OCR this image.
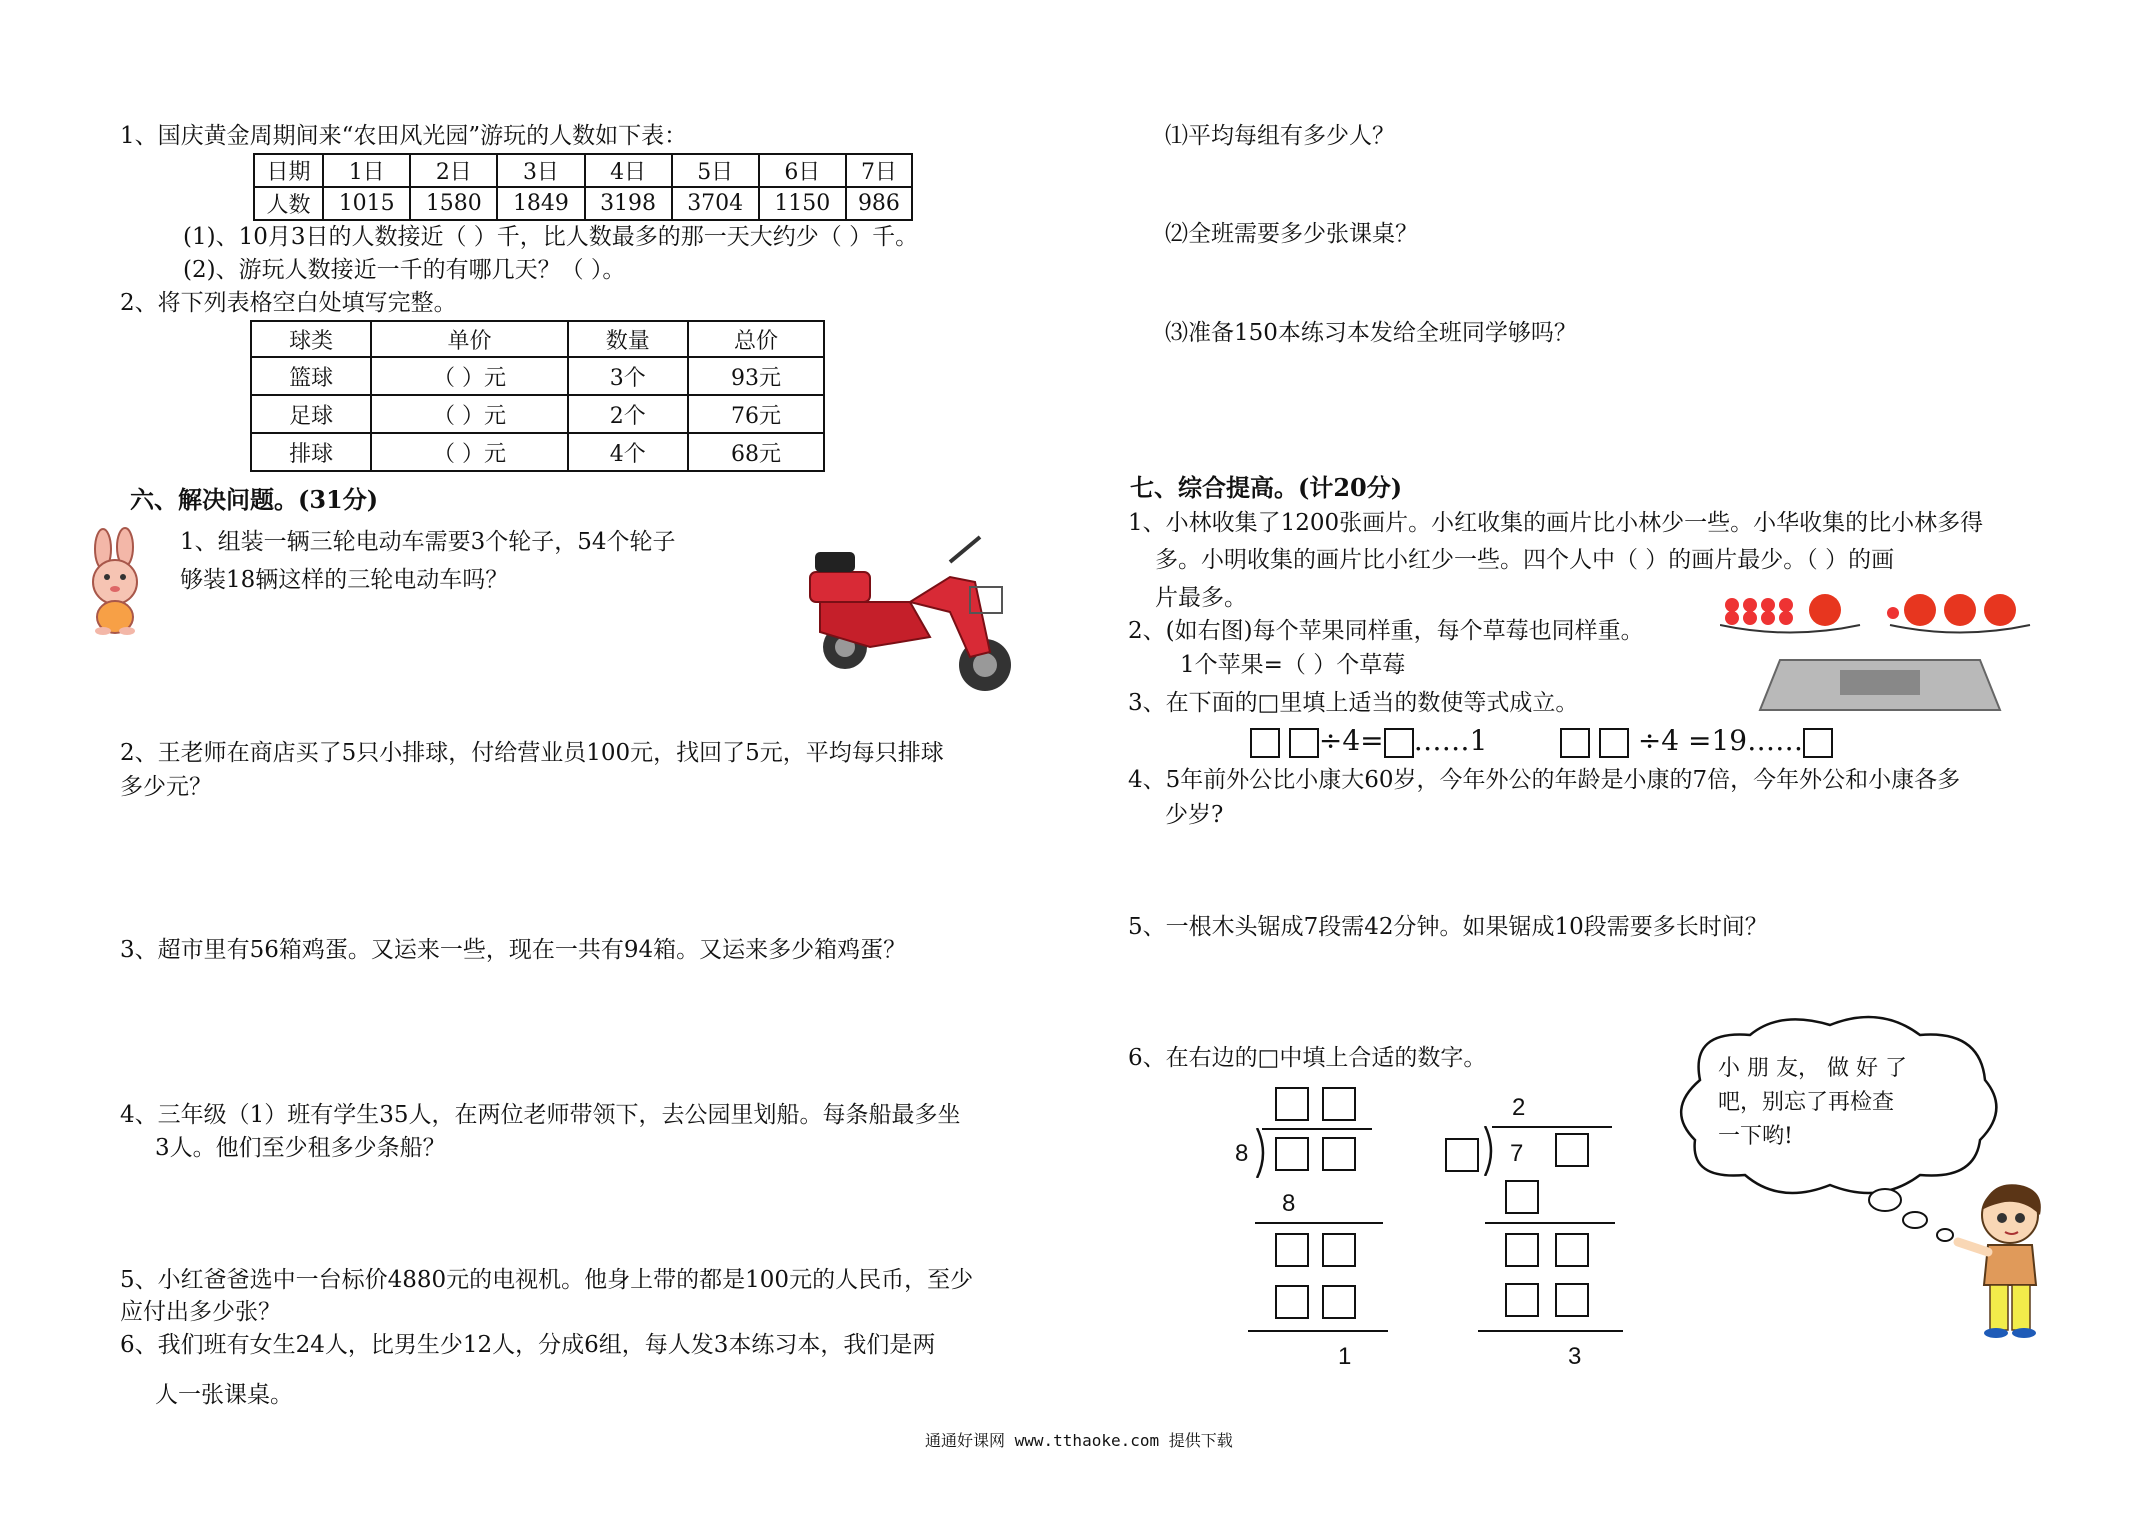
1、国庆黄金周期间来“农田风光园”游玩的人数如下表：
日期	1日	2日	3日	4日	5日	6日	7日
人数	1015	1580	1849	3198	3704	1150	986
(1)、10月3日的人数接近（ ）千，比人数最多的那一天大约少（ ）千。
(2)、游玩人数接近一千的有哪几天？（ ）。
2、将下列表格空白处填写完整。
球类	单价	数量	总价
篮球	（ ）元	3个	93元
足球	（ ）元	2个	76元
排球	（ ）元	4个	68元
六、解决问题。(31分)
1、组装一辆三轮电动车需要3个轮子，54个轮子
够装18辆这样的三轮电动车吗？
2、王老师在商店买了5只小排球，付给营业员100元，找回了5元，平均每只排球
多少元？
3、超市里有56箱鸡蛋。又运来一些，现在一共有94箱。又运来多少箱鸡蛋？
4、三年级（1）班有学生35人，在两位老师带领下，去公园里划船。每条船最多坐
3人。他们至少租多少条船？
5、小红爸爸选中一台标价4880元的电视机。他身上带的都是100元的人民币，至少
应付出多少张？
6、我们班有女生24人，比男生少12人，分成6组，每人发3本练习本，我们是两
人一张课桌。
⑴平均每组有多少人？
⑵全班需要多少张课桌？
⑶准备150本练习本发给全班同学够吗？
七、综合提高。(计20分)
1、小林收集了1200张画片。小红收集的画片比小林少一些。小华收集的比小林多得
多。小明收集的画片比小红少一些。四个人中（ ）的画片最少。（ ）的画
片最多。
2、(如右图)每个苹果同样重，每个草莓也同样重。
1个苹果=（ ）个草莓
3、在下面的□里填上适当的数使等式成立。
÷4= ……1	÷4 =19……
4、5年前外公比小康大60岁，今年外公的年龄是小康的7倍，今年外公和小康各多
少岁?
5、一根木头锯成7段需42分钟。如果锯成10段需要多长时间？
6、在右边的□中填上合适的数字。
8
8
1
2
7
3
小 朋 友， 做 好 了
吧，别忘了再检查
一下哟!
通通好课网 www.tthaoke.com 提供下载
